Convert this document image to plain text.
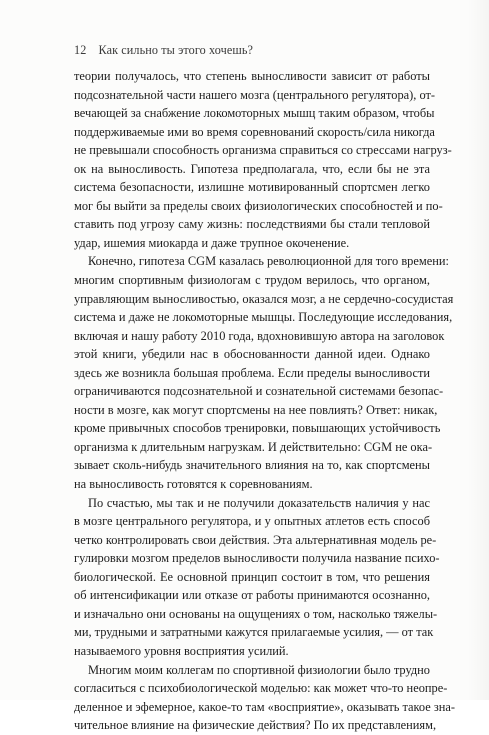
12 Как сильно ты этого хочешь?
теории получалось, что степень выносливости зависит от работы
подсознательной части нашего мозга (центрального регулятора), от-
вечающей за снабжение локомоторных мышц таким образом, чтобы
поддерживаемые ими во время соревнований скорость/сила никогда
не превышали способность организма справиться со стрессами нагруз-
ок на выносливость. Гипотеза предполагала, что, если бы не эта
система безопасности, излишне мотивированный спортсмен легко
мог бы выйти за пределы своих физиологических способностей и по-
ставить под угрозу саму жизнь: последствиями бы стали тепловой
удар, ишемия миокарда и даже трупное окоченение.
Конечно, гипотеза CGM казалась революционной для того времени:
многим спортивным физиологам с трудом верилось, что органом,
управляющим выносливостью, оказался мозг, а не сердечно-сосудистая
система и даже не локомоторные мышцы. Последующие исследования,
включая и нашу работу 2010 года, вдохновившую автора на заголовок
этой книги, убедили нас в обоснованности данной идеи. Однако
здесь же возникла большая проблема. Если пределы выносливости
ограничиваются подсознательной и сознательной системами безопас-
ности в мозге, как могут спортсмены на нее повлиять? Ответ: никак,
кроме привычных способов тренировки, повышающих устойчивость
организма к длительным нагрузкам. И действительно: CGM не ока-
зывает сколь-нибудь значительного влияния на то, как спортсмены
на выносливость готовятся к соревнованиям.
По счастью, мы так и не получили доказательств наличия у нас
в мозге центрального регулятора, и у опытных атлетов есть способ
четко контролировать свои действия. Эта альтернативная модель ре-
гулировки мозгом пределов выносливости получила название психо-
биологической. Ее основной принцип состоит в том, что решения
об интенсификации или отказе от работы принимаются осознанно,
и изначально они основаны на ощущениях о том, насколько тяжелы-
ми, трудными и затратными кажутся прилагаемые усилия, — от так
называемого уровня восприятия усилий.
Многим моим коллегам по спортивной физиологии было трудно
согласиться с психобиологической моделью: как может что-то неопре-
деленное и эфемерное, какое-то там «восприятие», оказывать такое зна-
чительное влияние на физические действия? По их представлениям,
